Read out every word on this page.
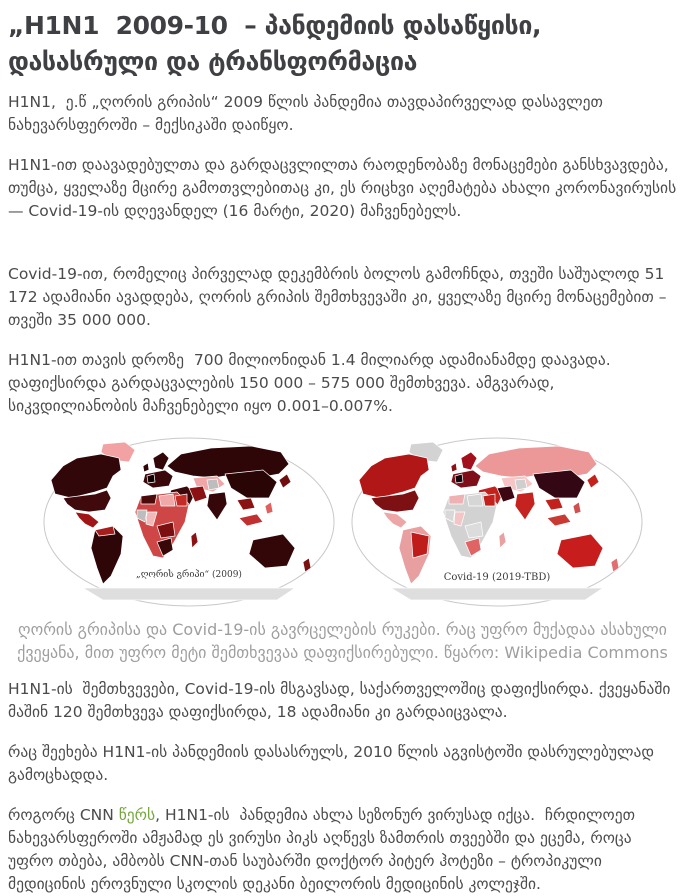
„H1N1  2009-10  – პანდემიის დასაწყისი, დასასრული და ტრანსფორმაცია

H1N1,  ე.წ „ღორის გრიპის“ 2009 წლის პანდემია თავდაპირველად დასავლეთ ნახევარსფეროში – მექსიკაში დაიწყო.

H1N1-ით დაავადებულთა და გარდაცვლილთა რაოდენობაზე მონაცემები განსხვავდება, თუმცა, ყველაზე მცირე გამოთვლებითაც კი, ეს რიცხვი აღემატება ახალი კორონავირუსის — Covid-19-ის დღევანდელ (16 მარტი, 2020) მაჩვენებელს.

Covid-19-ით, რომელიც პირველად დეკემბრის ბოლოს გამოჩნდა, თვეში საშუალოდ 51 172 ადამიანი ავადდება, ღორის გრიპის შემთხვევაში კი, ყველაზე მცირე მონაცემებით – თვეში 35 000 000.

H1N1-ით თავის დროზე  700 მილიონიდან 1.4 მილიარდ ადამიანამდე დაავადა. დაფიქსირდა გარდაცვალების 150 000 – 575 000 შემთხვევა. ამგვარად, სიკვდილიანობის მაჩვენებელი იყო 0.001–0.007%.

„ღორის გრიპი“ (2009)	Covid-19 (2019-TBD)
ღორის გრიპისა და Covid-19-ის გავრცელების რუკები. რაც უფრო მუქადაა ასახული ქვეყანა, მით უფრო მეტი შემთხვევაა დაფიქსირებული. წყარო: Wikipedia Commons

H1N1-ის  შემთხვევები, Covid-19-ის მსგავსად, საქართველოშიც დაფიქსირდა. ქვეყანაში მაშინ 120 შემთხვევა დაფიქსირდა, 18 ადამიანი კი გარდაიცვალა.

რაც შეეხება H1N1-ის პანდემიის დასასრულს, 2010 წლის აგვისტოში დასრულებულად გამოცხადდა.

როგორც CNN წერს, H1N1-ის  პანდემია ახლა სეზონურ ვირუსად იქცა.  ჩრდილოეთ ნახევარსფეროში ამჟამად ეს ვირუსი პიკს აღწევს ზამთრის თვეებში და ეცემა, როცა უფრო თბება, ამბობს CNN-თან საუბარში დოქტორ პიტერ ჰოტეზი – ტროპიკული მედიცინის ეროვნული სკოლის დეკანი ბეილორის მედიცინის კოლეჯში.
